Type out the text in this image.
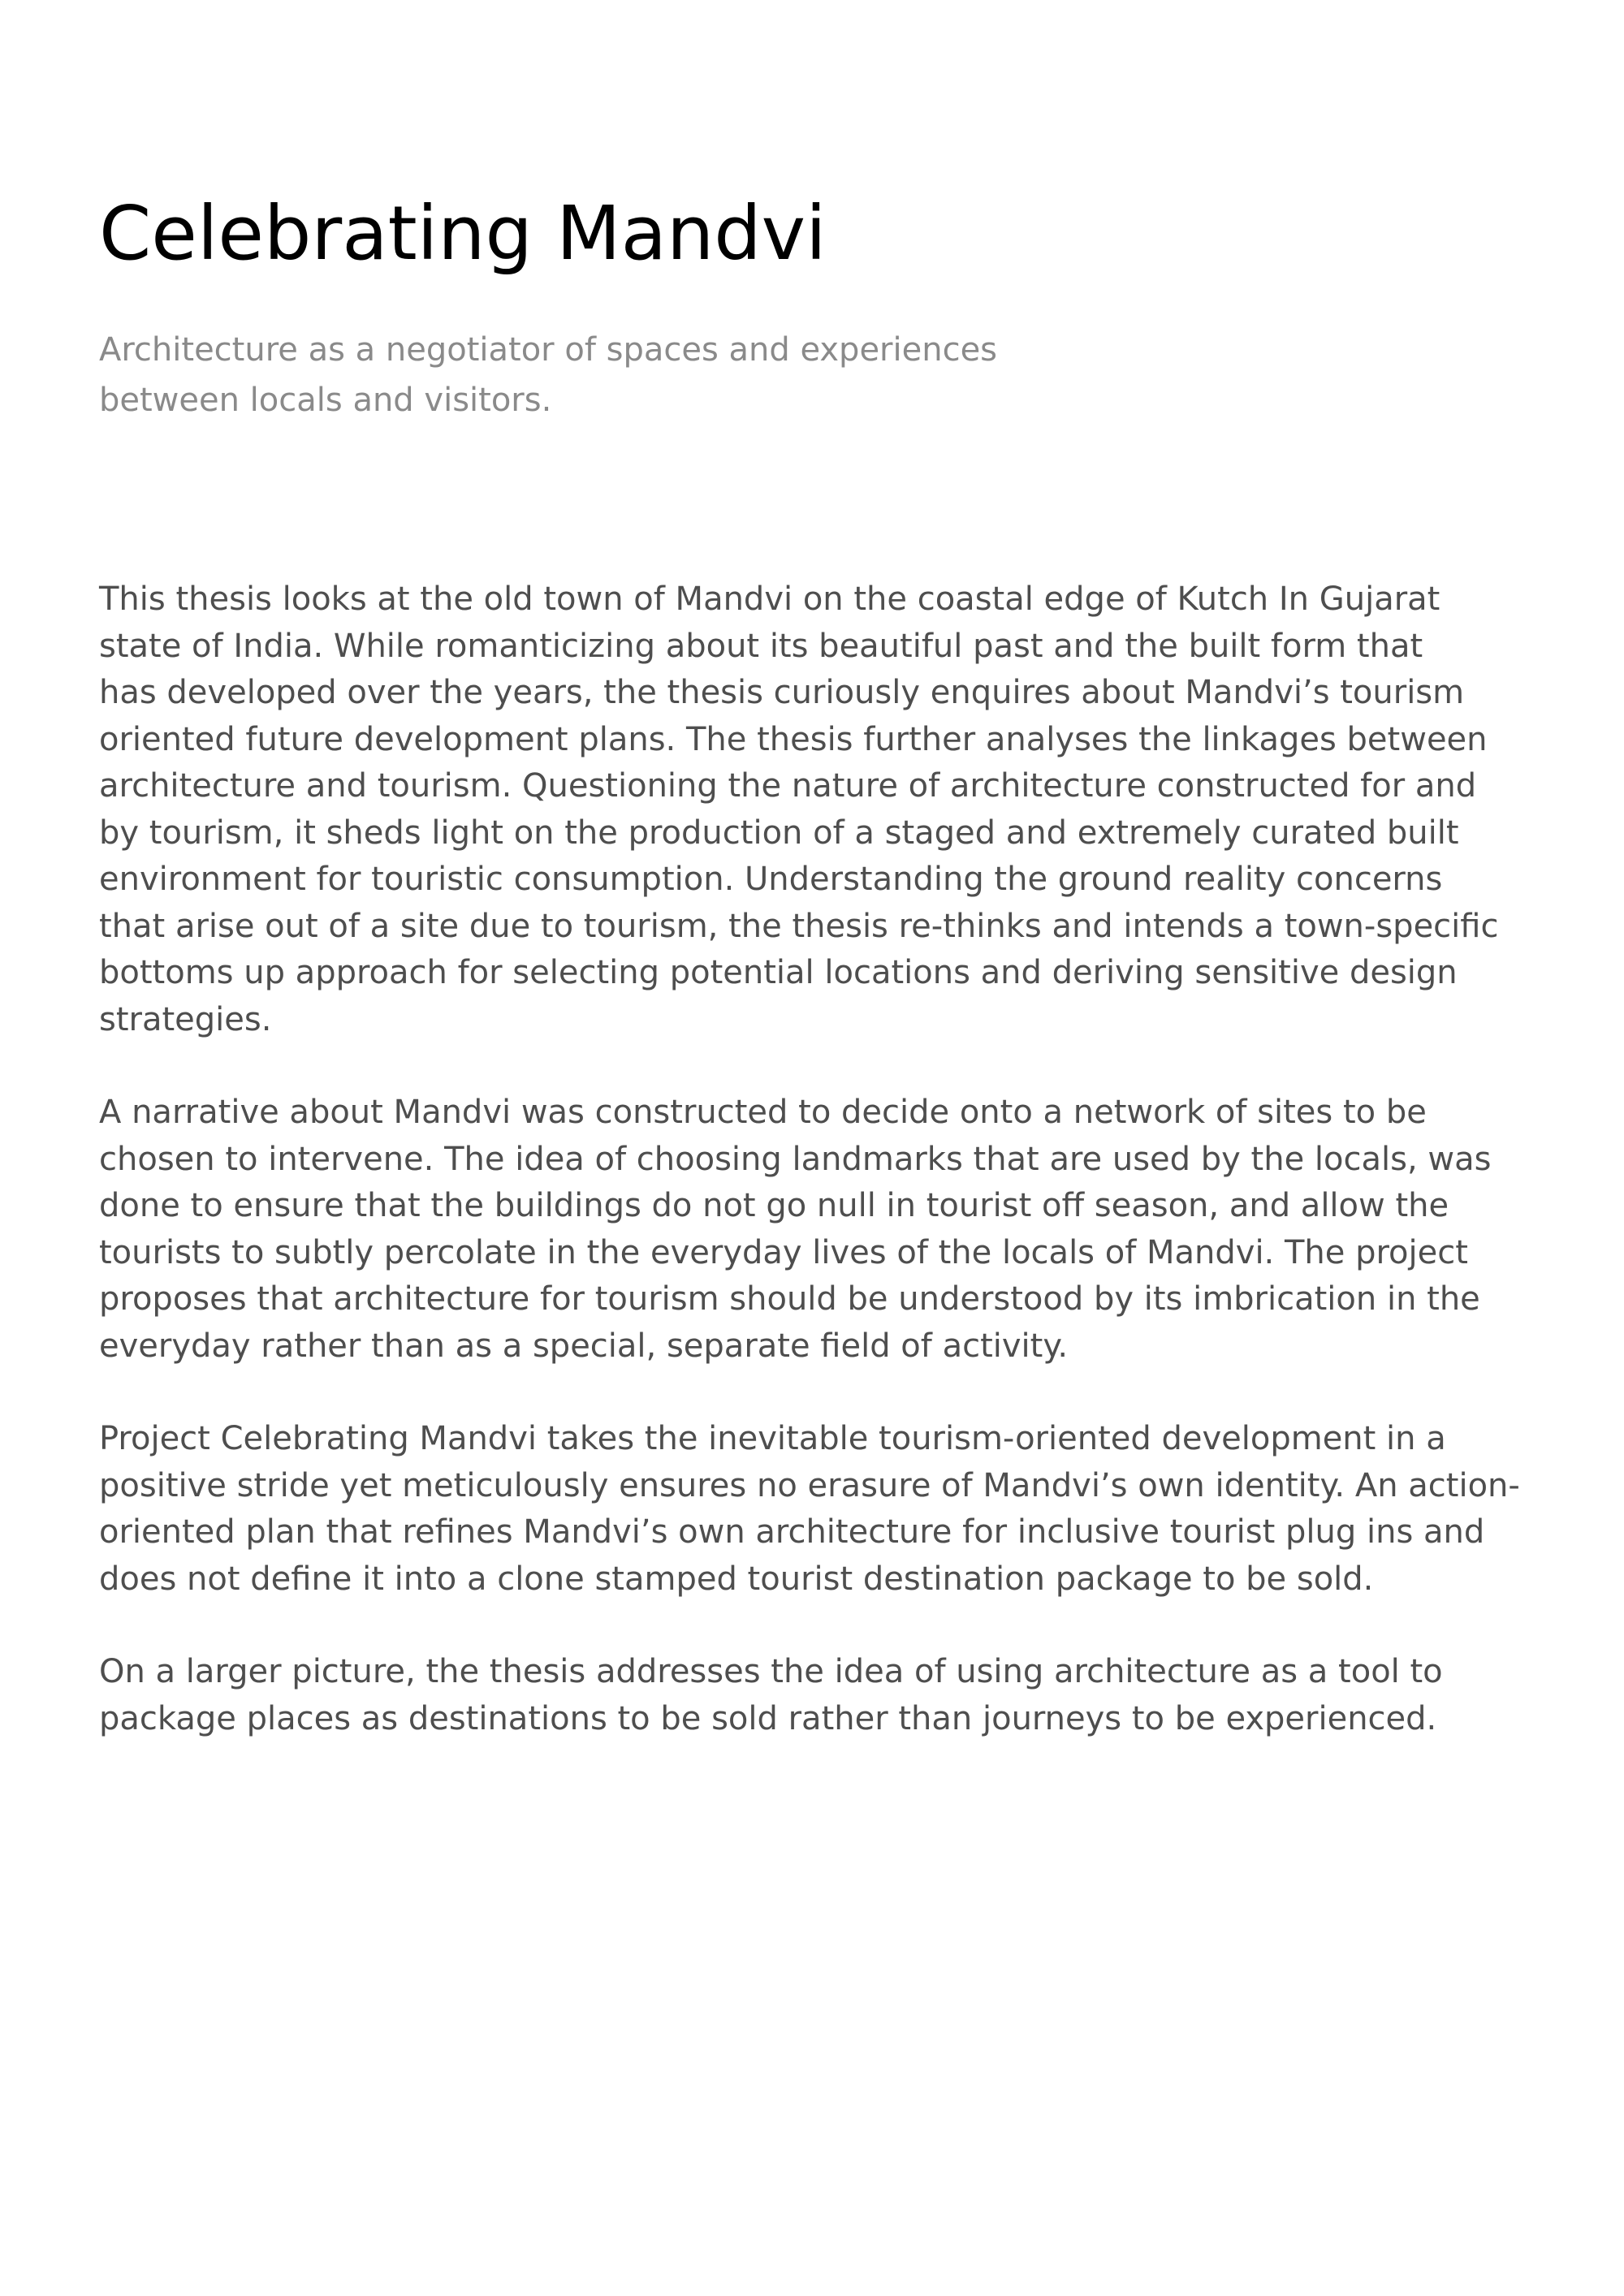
Celebrating Mandvi
Architecture as a negotiator of spaces and experiences
between locals and visitors.

This thesis looks at the old town of Mandvi on the coastal edge of Kutch In Gujarat
state of India. While romanticizing about its beautiful past and the built form that
has developed over the years, the thesis curiously enquires about Mandvi’s tourism
oriented future development plans. The thesis further analyses the linkages between
architecture and tourism. Questioning the nature of architecture constructed for and
by tourism, it sheds light on the production of a staged and extremely curated built
environment for touristic consumption. Understanding the ground reality concerns
that arise out of a site due to tourism, the thesis re-thinks and intends a town-specific
bottoms up approach for selecting potential locations and deriving sensitive design
strategies.

A narrative about Mandvi was constructed to decide onto a network of sites to be
chosen to intervene. The idea of choosing landmarks that are used by the locals, was
done to ensure that the buildings do not go null in tourist off season, and allow the
tourists to subtly percolate in the everyday lives of the locals of Mandvi. The project
proposes that architecture for tourism should be understood by its imbrication in the
everyday rather than as a special, separate field of activity.

Project Celebrating Mandvi takes the inevitable tourism-oriented development in a
positive stride yet meticulously ensures no erasure of Mandvi’s own identity. An action-
oriented plan that refines Mandvi’s own architecture for inclusive tourist plug ins and
does not define it into a clone stamped tourist destination package to be sold.

On a larger picture, the thesis addresses the idea of using architecture as a tool to
package places as destinations to be sold rather than journeys to be experienced.
